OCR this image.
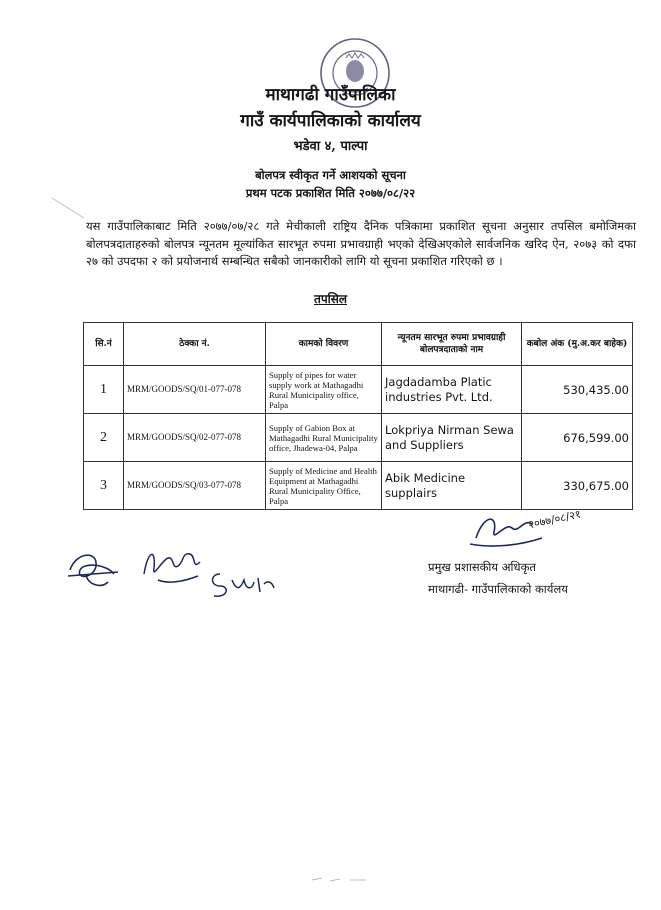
माथागढी गाउँपालिका
गाउँ कार्यपालिकाको कार्यालय
भडेवा ४, पाल्पा
बोलपत्र स्वीकृत गर्ने आशयको सूचना
प्रथम पटक प्रकाशित मिति २०७७/०८/२२

यस गाउँपालिकाबाट मिति २०७७/०७/२८ गते मेचीकाली राष्ट्रिय दैनिक पत्रिकामा प्रकाशित सूचना अनुसार तपसिल बमोजिमका बोलपत्रदाताहरुको बोलपत्र न्यूनतम मूल्यांकित सारभूत रुपमा प्रभावग्राही भएको देखिअएकोले सार्वजनिक खरिद ऐन, २०७३ को दफा २७ को उपदफा २ को प्रयोजनार्थ सम्बन्धित सबैको जानकारीको लागि यो सूचना प्रकाशित गरिएको छ ।

तपसिल
सि.नं	ठेक्का नं.	कामको विवरण	न्यूनतम सारभूत रुपमा प्रभावग्राही बोलपत्रदाताको नाम	कबोल अंक (मु.अ.कर बाहेक)
1	MRM/GOODS/SQ/01-077-078	Supply of pipes for water supply work at Mathagadhi Rural Municipality office, Palpa	Jagdadamba Platic industries Pvt. Ltd.	530,435.00
2	MRM/GOODS/SQ/02-077-078	Supply of Gabion Box at Mathagadhi Rural Municipality office, Jhadewa-04, Palpa	Lokpriya Nirman Sewa and Suppliers	676,599.00
3	MRM/GOODS/SQ/03-077-078	Supply of Medicine and Health Equipment at Mathagadhi Rural Municipality Office, Palpa	Abik Medicine supplairs	330,675.00
२०७७/०८/२१
प्रमुख प्रशासकीय अधिकृत
माथागढी- गाउँपालिकाको कार्यलय
